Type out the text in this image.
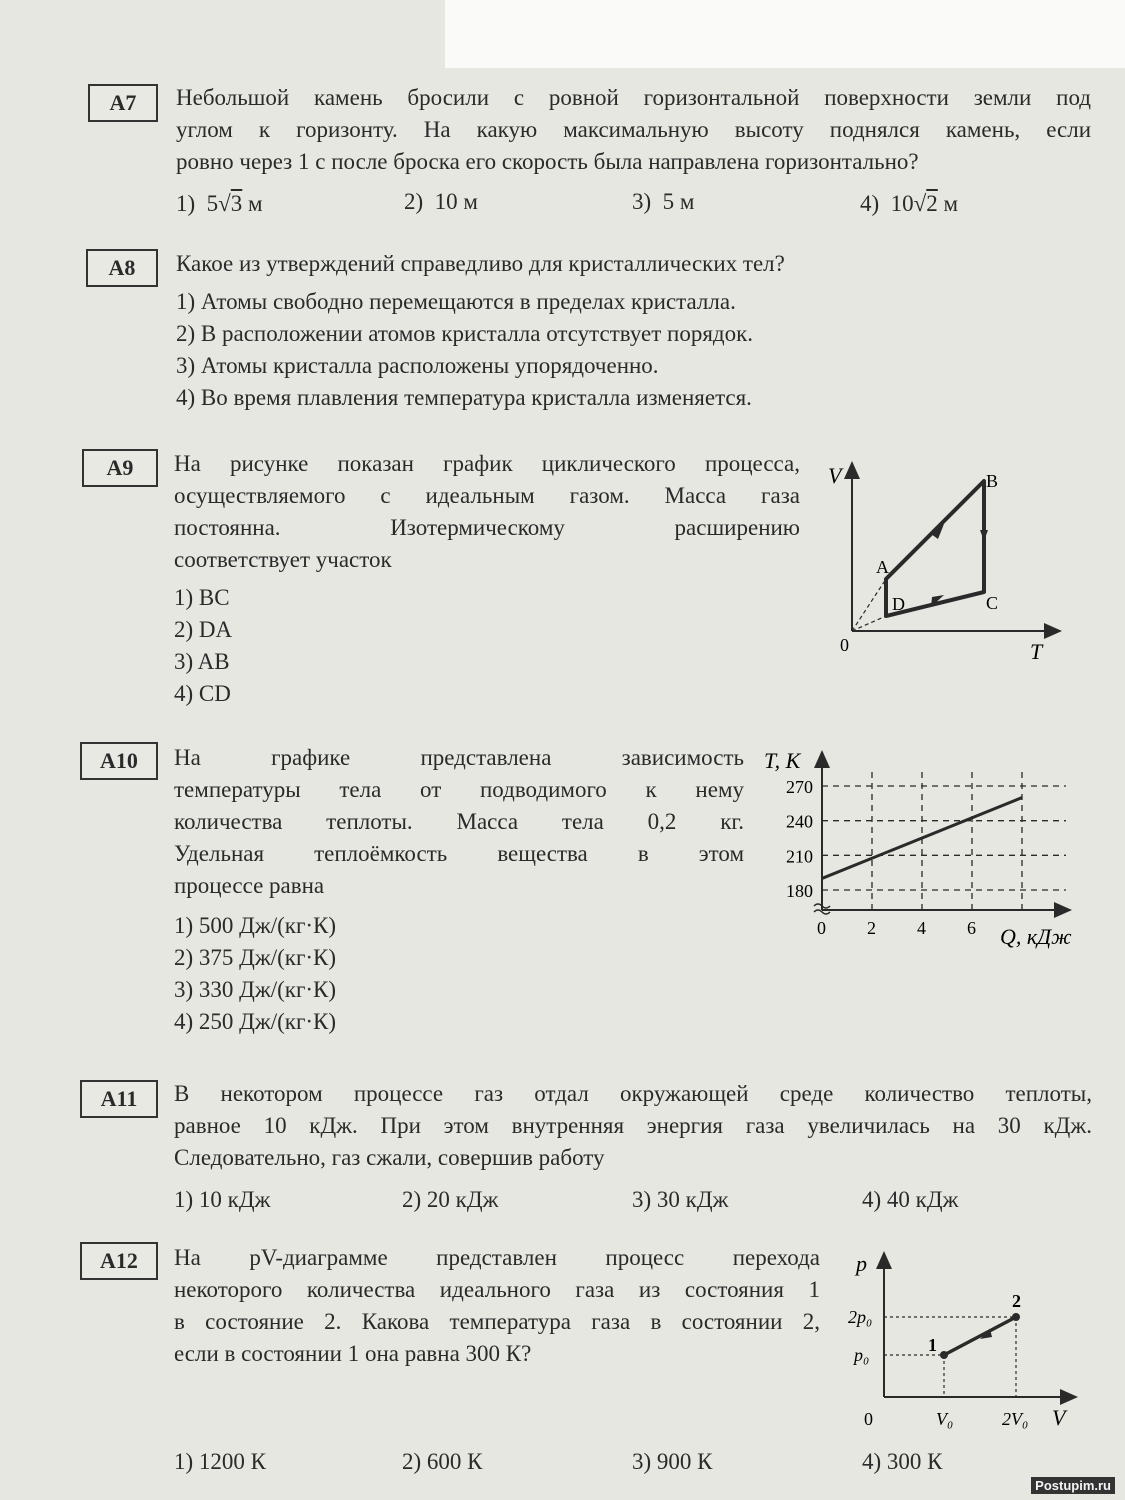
A7	Небольшой камень бросили с ровной горизонтальной поверхности земли под
углом к горизонту. На какую максимальную высоту поднялся камень, если
ровно через 1 с после броска его скорость была направлена горизонтально?
1) 5√3 м	2) 10 м	3) 5 м	4) 10√2 м
A8	Какое из утверждений справедливо для кристаллических тел?
1) Атомы свободно перемещаются в пределах кристалла.
2) В расположении атомов кристалла отсутствует порядок.
3) Атомы кристалла расположены упорядоченно.
4) Во время плавления температура кристалла изменяется.
A9	На рисунке показан график циклического процесса,
осуществляемого с идеальным газом. Масса газа
постоянна. Изотермическому расширению
соответствует участок
1) BC
2) DA
3) AB
4) CD
V
T
0
A
B
C
D
A10	На графике представлена зависимость
температуры тела от подводимого к нему
количества теплоты. Масса тела 0,2 кг.
Удельная теплоёмкость вещества в этом
процессе равна
1) 500 Дж/(кг·К)
2) 375 Дж/(кг·К)
3) 330 Дж/(кг·К)
4) 250 Дж/(кг·К)
T, К
Q, кДж
180
210
240
270
0 2 4 6
A11	В некотором процессе газ отдал окружающей среде количество теплоты,
равное 10 кДж. При этом внутренняя энергия газа увеличилась на 30 кДж.
Следовательно, газ сжали, совершив работу
1) 10 кДж	2) 20 кДж	3) 30 кДж	4) 40 кДж
A12	На pV-диаграмме представлен процесс перехода
некоторого количества идеального газа из состояния 1
в состояние 2. Какова температура газа в состоянии 2,
если в состоянии 1 она равна 300 К?
p
V
0
2p₀
p₀
V₀	2V₀
1
2
1) 1200 К	2) 600 К	3) 900 К	4) 300 К
Postupim.ru
